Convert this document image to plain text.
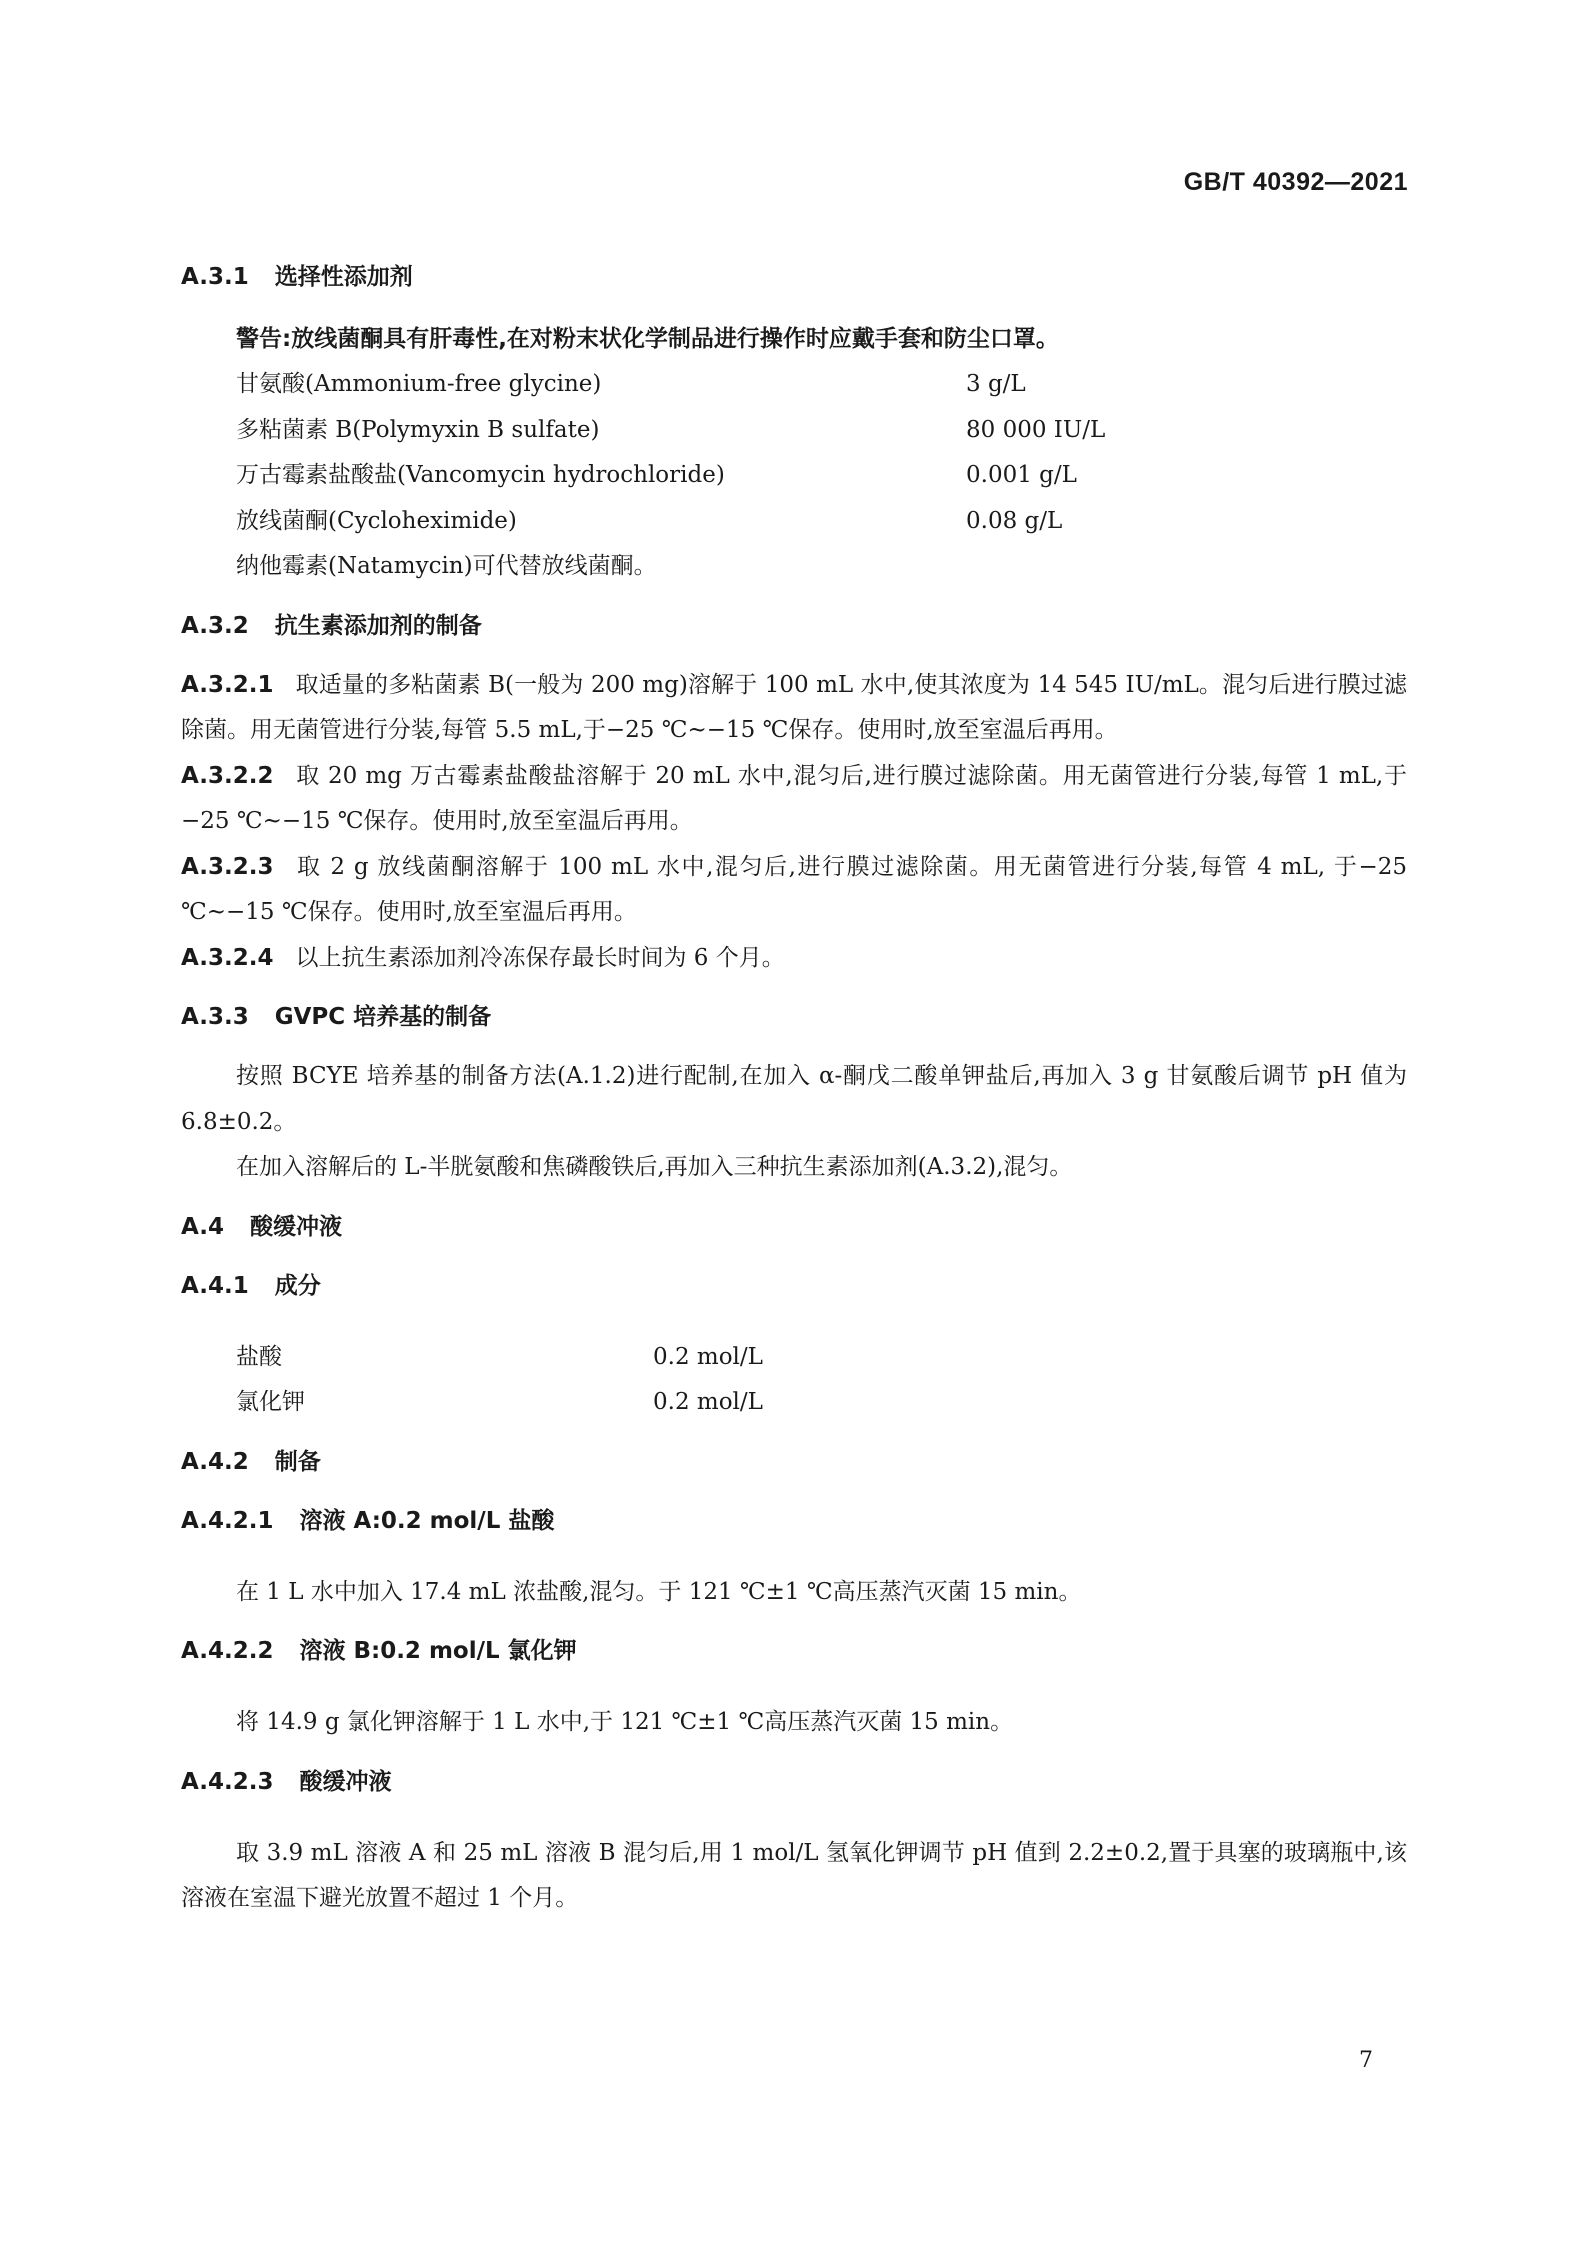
GB/T 40392—2021
A.3.1 选择性添加剂

警告:放线菌酮具有肝毒性,在对粉末状化学制品进行操作时应戴手套和防尘口罩。

甘氨酸(Ammonium-free glycine)	3 g/L
多粘菌素 B(Polymyxin B sulfate)	80 000 IU/L
万古霉素盐酸盐(Vancomycin hydrochloride)	0.001 g/L
放线菌酮(Cycloheximide)	0.08 g/L

纳他霉素(Natamycin)可代替放线菌酮。

A.3.2 抗生素添加剂的制备

A.3.2.1 取适量的多粘菌素 B(一般为 200 mg)溶解于 100 mL 水中,使其浓度为 14 545 IU/mL。混匀后进行膜过滤除菌。用无菌管进行分装,每管 5.5 mL,于−25 ℃~−15 ℃保存。使用时,放至室温后再用。

A.3.2.2 取 20 mg 万古霉素盐酸盐溶解于 20 mL 水中,混匀后,进行膜过滤除菌。用无菌管进行分装,每管 1 mL,于−25 ℃~−15 ℃保存。使用时,放至室温后再用。

A.3.2.3 取 2 g 放线菌酮溶解于 100 mL 水中,混匀后,进行膜过滤除菌。用无菌管进行分装,每管 4 mL, 于−25 ℃~−15 ℃保存。使用时,放至室温后再用。

A.3.2.4 以上抗生素添加剂冷冻保存最长时间为 6 个月。

A.3.3 GVPC 培养基的制备

按照 BCYE 培养基的制备方法(A.1.2)进行配制,在加入 α-酮戊二酸单钾盐后,再加入 3 g 甘氨酸后调节 pH 值为 6.8±0.2。

在加入溶解后的 L-半胱氨酸和焦磷酸铁后,再加入三种抗生素添加剂(A.3.2),混匀。

A.4 酸缓冲液
A.4.1 成分
盐酸	0.2 mol/L
氯化钾	0.2 mol/L
A.4.2 制备
A.4.2.1 溶液 A:0.2 mol/L 盐酸

在 1 L 水中加入 17.4 mL 浓盐酸,混匀。于 121 ℃±1 ℃高压蒸汽灭菌 15 min。

A.4.2.2 溶液 B:0.2 mol/L 氯化钾

将 14.9 g 氯化钾溶解于 1 L 水中,于 121 ℃±1 ℃高压蒸汽灭菌 15 min。

A.4.2.3 酸缓冲液

取 3.9 mL 溶液 A 和 25 mL 溶液 B 混匀后,用 1 mol/L 氢氧化钾调节 pH 值到 2.2±0.2,置于具塞的玻璃瓶中,该溶液在室温下避光放置不超过 1 个月。

7
